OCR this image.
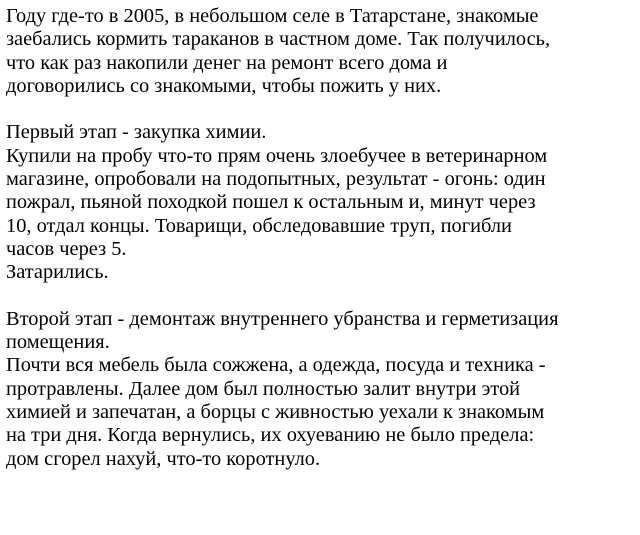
Году где-то в 2005, в небольшом селе в Татарстане, знакомые
заебались кормить тараканов в частном доме. Так получилось,
что как раз накопили денег на ремонт всего дома и
договорились со знакомыми, чтобы пожить у них.
Первый этап - закупка химии.
Купили на пробу что-то прям очень злоебучее в ветеринарном
магазине, опробовали на подопытных, результат - огонь: один
пожрал, пьяной походкой пошел к остальным и, минут через
10, отдал концы. Товарищи, обследовавшие труп, погибли
часов через 5.
Затарились.
Второй этап - демонтаж внутреннего убранства и герметизация
помещения.
Почти вся мебель была сожжена, а одежда, посуда и техника -
протравлены. Далее дом был полностью залит внутри этой
химией и запечатан, а борцы с живностью уехали к знакомым
на три дня. Когда вернулись, их охуеванию не было предела:
дом сгорел нахуй, что-то коротнуло.
